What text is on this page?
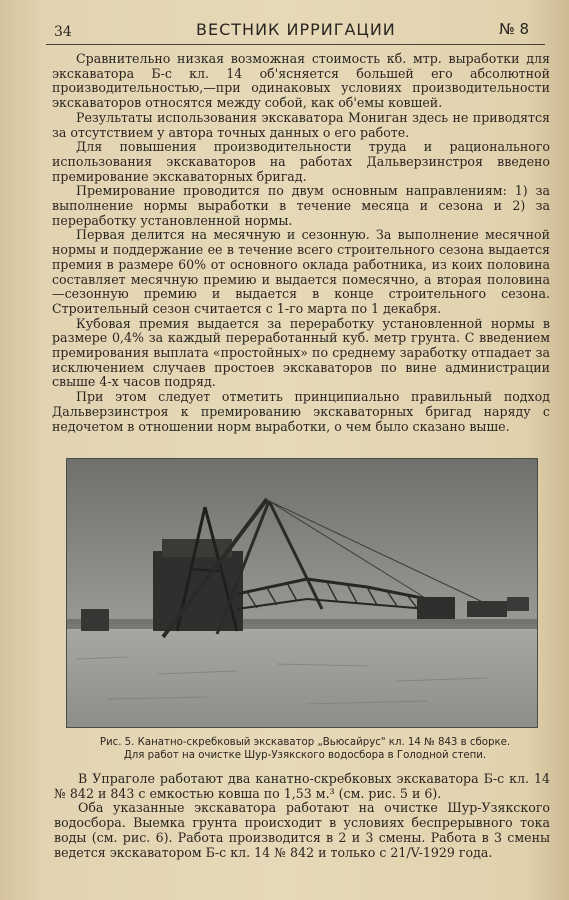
34	ВЕСТНИК ИРРИГАЦИИ	№ 8

Сравнительно низкая возможная стоимость кб. мтр. выработки для экскаватора Б-с кл. 14 об'ясняется большей его абсолютной производительностью,—при одинаковых условиях производительности экскаваторов относятся между собой, как об'емы ковшей.

Результаты использования экскаватора Мониган здесь не приводятся за отсутствием у автора точных данных о его работе.

Для повышения производительности труда и рационального использования экскаваторов на работах Дальверзинстроя введено премирование экскаваторных бригад.

Премирование проводится по двум основным направлениям: 1) за выполнение нормы выработки в течение месяца и сезона и 2) за переработку установленной нормы.

Первая делится на месячную и сезонную. За выполнение месячной нормы и поддержание ее в течение всего строительного сезона выдается премия в размере 60% от основного оклада работника, из коих половина составляет месячную премию и выдается помесячно, а вторая половина—сезонную премию и выдается в конце строительного сезона. Строительный сезон считается с 1-го марта по 1 декабря.

Кубовая премия выдается за переработку установленной нормы в размере 0,4% за каждый переработанный куб. метр грунта. С введением премирования выплата «простойных» по среднему заработку отпадает за исключением случаев простоев экскаваторов по вине администрации свыше 4-х часов подряд.

При этом следует отметить принципиально правильный подход Дальверзинстроя к премированию экскаваторных бригад наряду с недочетом в отношении норм выработки, о чем было сказано выше.

Рис. 5. Канатно-скребковый экскаватор „Вьюсайрус" кл. 14 № 843 в сборке.
Для работ на очистке Шур-Узякского водосбора в Голодной степи.

В Упраголе работают два канатно-скребковых экскаватора Б-с кл. 14 № 842 и 843 с емкостью ковша по 1,53 м.³ (см. рис. 5 и 6).

Оба указанные экскаватора работают на очистке Шур-Узякского водосбора. Выемка грунта происходит в условиях беспрерывного тока воды (см. рис. 6). Работа производится в 2 и 3 смены. Работа в 3 смены ведется экскаватором Б-с кл. 14 № 842 и только с 21/V-1929 года.
